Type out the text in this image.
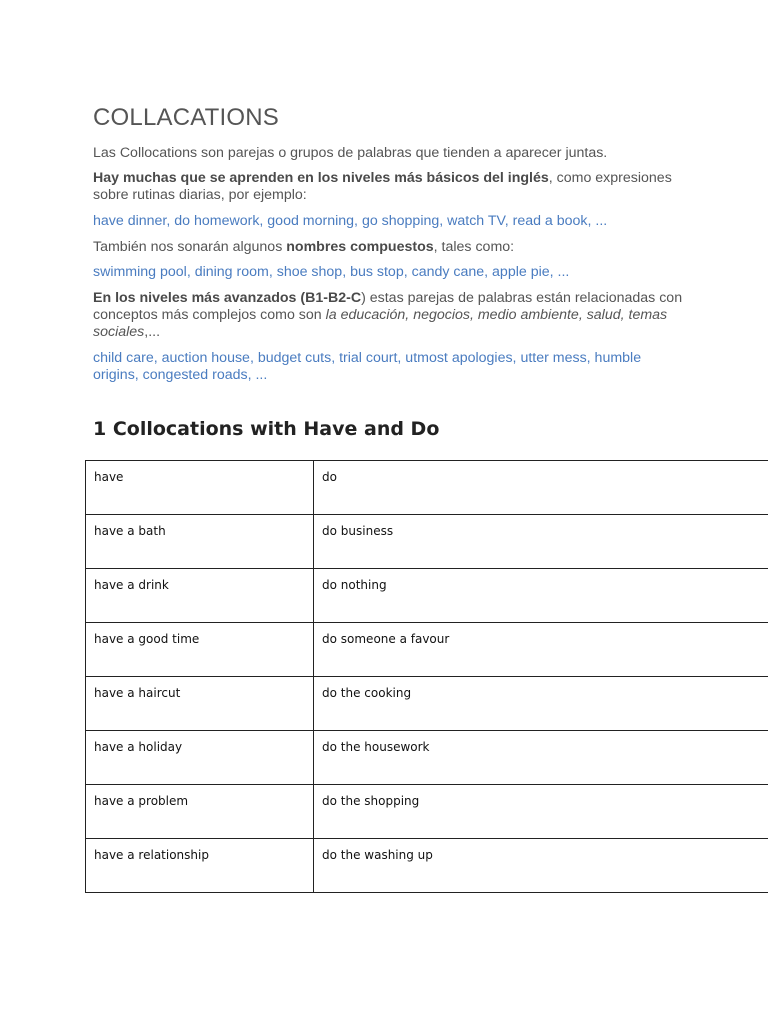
COLLACATIONS

Las Collocations son parejas o grupos de palabras que tienden a aparecer juntas.

Hay muchas que se aprenden en los niveles más básicos del inglés, como expresiones sobre rutinas diarias, por ejemplo:

have dinner, do homework, good morning, go shopping, watch TV, read a book, ...

También nos sonarán algunos nombres compuestos, tales como:

swimming pool, dining room, shoe shop, bus stop, candy cane, apple pie, ...

En los niveles más avanzados (B1-B2-C) estas parejas de palabras están relacionadas con conceptos más complejos como son la educación, negocios, medio ambiente, salud, temas sociales,...

child care, auction house, budget cuts, trial court, utmost apologies, utter mess, humble origins, congested roads, ...

1 Collocations with Have and Do
have	do
have a bath	do business
have a drink	do nothing
have a good time	do someone a favour
have a haircut	do the cooking
have a holiday	do the housework
have a problem	do the shopping
have a relationship	do the washing up
